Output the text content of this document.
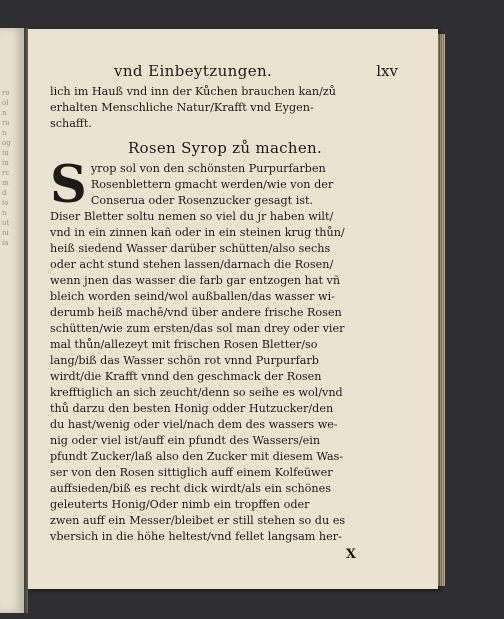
ro
ol
n
ro
n
og
in
in
rc
m
d
io
n
ut
ni
ia
vnd Einbeytzungen.	lxv
lich im Hauß vnd inn der Kůchen brauchen kan/zů
erhalten Menschliche Natur/Krafft vnd Eygen-
schafft.
Rosen Syrop zů machen.
S yrop sol von den schönsten Purpurfarben
Rosenblettern gmacht werden/wie von der
Conserua oder Rosenzucker gesagt ist.
Diser Bletter soltu nemen so viel du jr haben wilt/
vnd in ein zinnen kañ oder in ein steinen krug thůn/
heiß siedend Wasser darüber schütten/also sechs
oder acht stund stehen lassen/darnach die Rosen/
wenn jnen das wasser die farb gar entzogen hat vñ
bleich worden seind/wol außballen/das wasser wi-
derumb heiß machē/vnd über andere frische Rosen
schütten/wie zum ersten/das sol man drey oder vier
mal thůn/allezeyt mit frischen Rosen Bletter/so
lang/biß das Wasser schön rot vnnd Purpurfarb
wirdt/die Krafft vnnd den geschmack der Rosen
krefftiglich an sich zeucht/denn so seihe es wol/vnd
thů darzu den besten Honig odder Hutzucker/den
du hast/wenig oder viel/nach dem des wassers we-
nig oder viel ist/auff ein pfundt des Wassers/ein
pfundt Zucker/laß also den Zucker mit diesem Was-
ser von den Rosen sittiglich auff einem Kolfeüwer
auffsieden/biß es recht dick wirdt/als ein schönes
geleuterts Honig/Oder nimb ein tropffen oder
zwen auff ein Messer/bleibet er still stehen so du es
vbersich in die höhe heltest/vnd fellet langsam her-
X
